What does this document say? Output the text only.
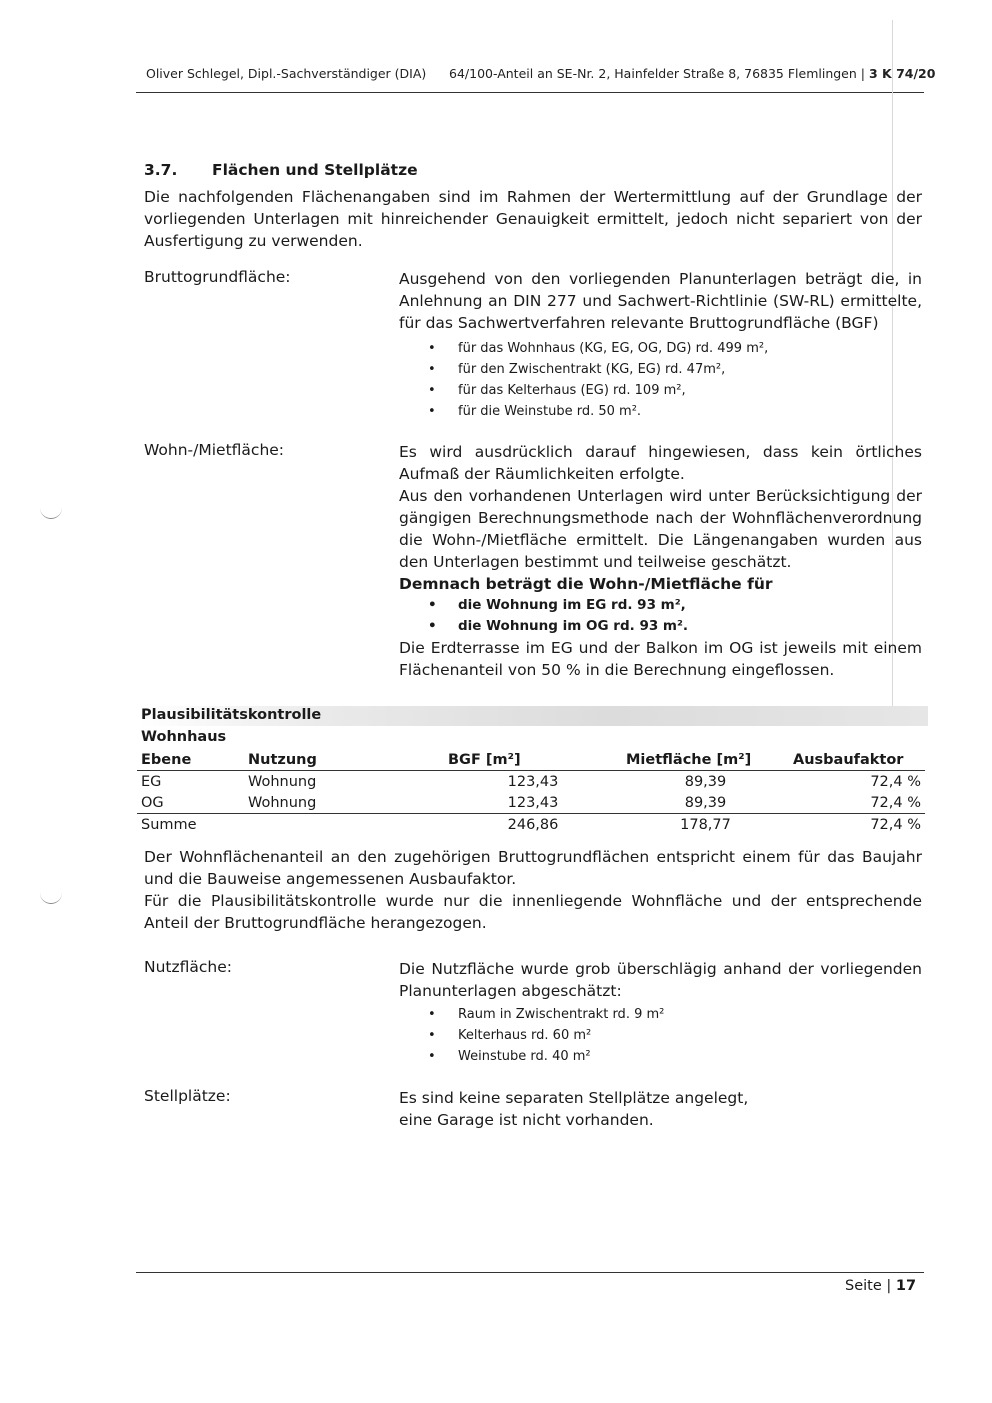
Oliver Schlegel, Dipl.-Sachverständiger (DIA) 64/100-Anteil an SE-Nr. 2, Hainfelder Straße 8, 76835 Flemlingen | 3 K 74/20
3.7. Flächen und Stellplätze
Die nachfolgenden Flächenangaben sind im Rahmen der Wertermittlung auf der Grundlage der vorliegenden Unterlagen mit hinreichender Genauigkeit ermittelt, jedoch nicht separiert von der Ausfertigung zu verwenden.
Bruttogrundfläche:	Ausgehend von den vorliegenden Planunterlagen beträgt die, in Anlehnung an DIN 277 und Sachwert-Richtlinie (SW-RL) ermittelte, für das Sachwertverfahren relevante Bruttogrundfläche (BGF)
• für das Wohnhaus (KG, EG, OG, DG) rd. 499 m²,
• für den Zwischentrakt (KG, EG) rd. 47m²,
• für das Kelterhaus (EG) rd. 109 m²,
• für die Weinstube rd. 50 m².
Wohn-/Mietfläche:	Es wird ausdrücklich darauf hingewiesen, dass kein örtliches Aufmaß der Räumlichkeiten erfolgte.
Aus den vorhandenen Unterlagen wird unter Berücksichtigung der gängigen Berechnungsmethode nach der Wohnflächenverordnung die Wohn-/Mietfläche ermittelt. Die Längenangaben wurden aus den Unterlagen bestimmt und teilweise geschätzt.
Demnach beträgt die Wohn-/Mietfläche für
• die Wohnung im EG rd. 93 m²,
• die Wohnung im OG rd. 93 m².
Die Erdterrasse im EG und der Balkon im OG ist jeweils mit einem Flächenanteil von 50 % in die Berechnung eingeflossen.
Plausibilitätskontrolle
Wohnhaus
Ebene	Nutzung	BGF [m²]	Mietfläche [m²]	Ausbaufaktor
EG	Wohnung	123,43	89,39	72,4 %
OG	Wohnung	123,43	89,39	72,4 %
Summe		246,86	178,77	72,4 %
Der Wohnflächenanteil an den zugehörigen Bruttogrundflächen entspricht einem für das Baujahr und die Bauweise angemessenen Ausbaufaktor.
Für die Plausibilitätskontrolle wurde nur die innenliegende Wohnfläche und der entsprechende Anteil der Bruttogrundfläche herangezogen.
Nutzfläche:	Die Nutzfläche wurde grob überschlägig anhand der vorliegenden Planunterlagen abgeschätzt:
• Raum in Zwischentrakt rd. 9 m²
• Kelterhaus rd. 60 m²
• Weinstube rd. 40 m²
Stellplätze:	Es sind keine separaten Stellplätze angelegt,
eine Garage ist nicht vorhanden.
Seite | 17
